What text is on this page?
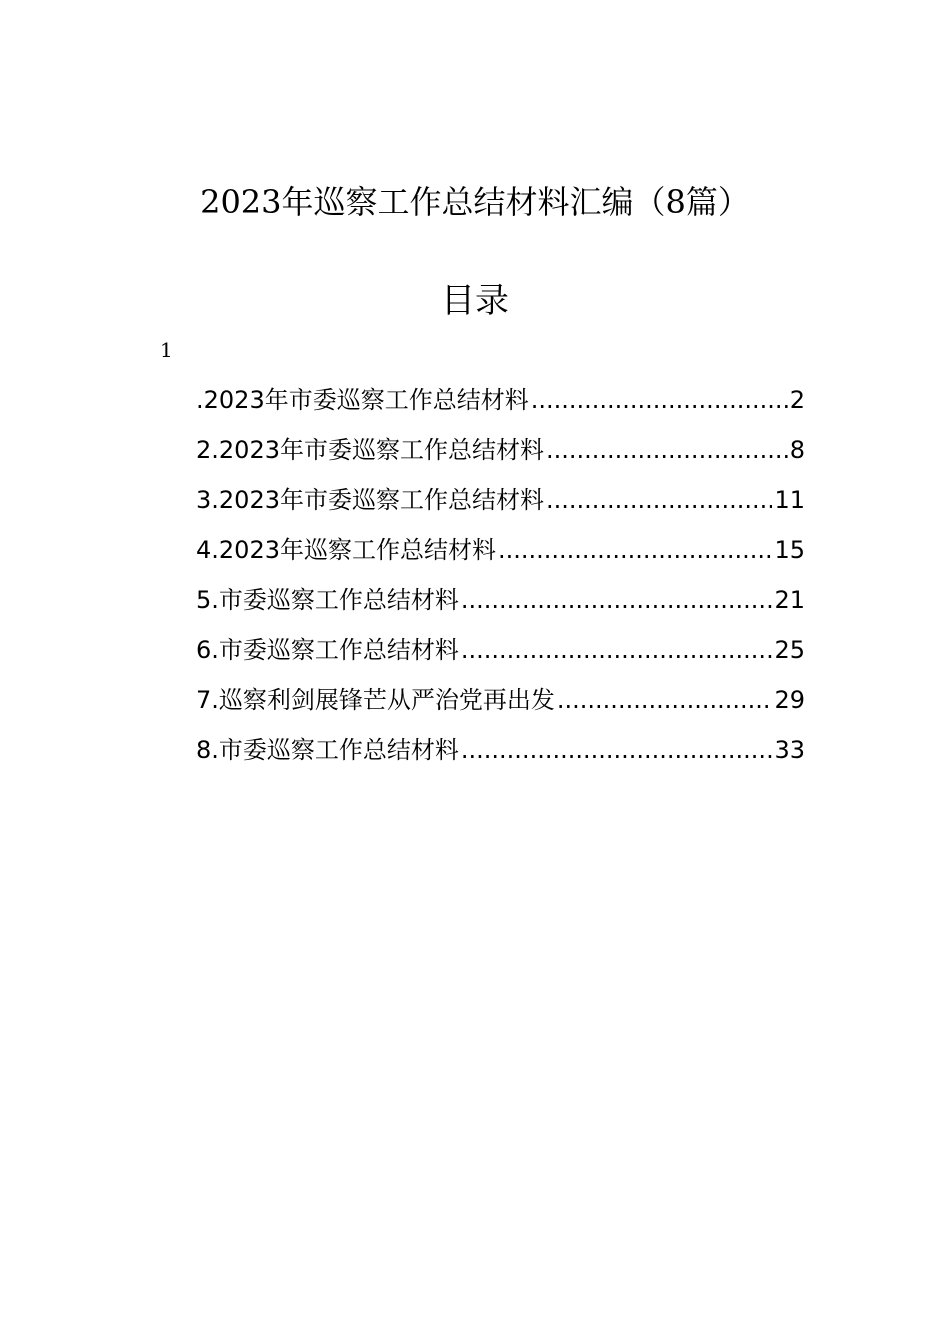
2023年巡察工作总结材料汇编（8篇）
目录
1
.2023年市委巡察工作总结材料 .....	2
2.2023年市委巡察工作总结材料 .....	8
3.2023年市委巡察工作总结材料 .....	11
4.2023年巡察工作总结材料 .....	15
5.市委巡察工作总结材料 .....	21
6.市委巡察工作总结材料 .....	25
7.巡察利剑展锋芒从严治党再出发 .....	29
8.市委巡察工作总结材料 .....	33
